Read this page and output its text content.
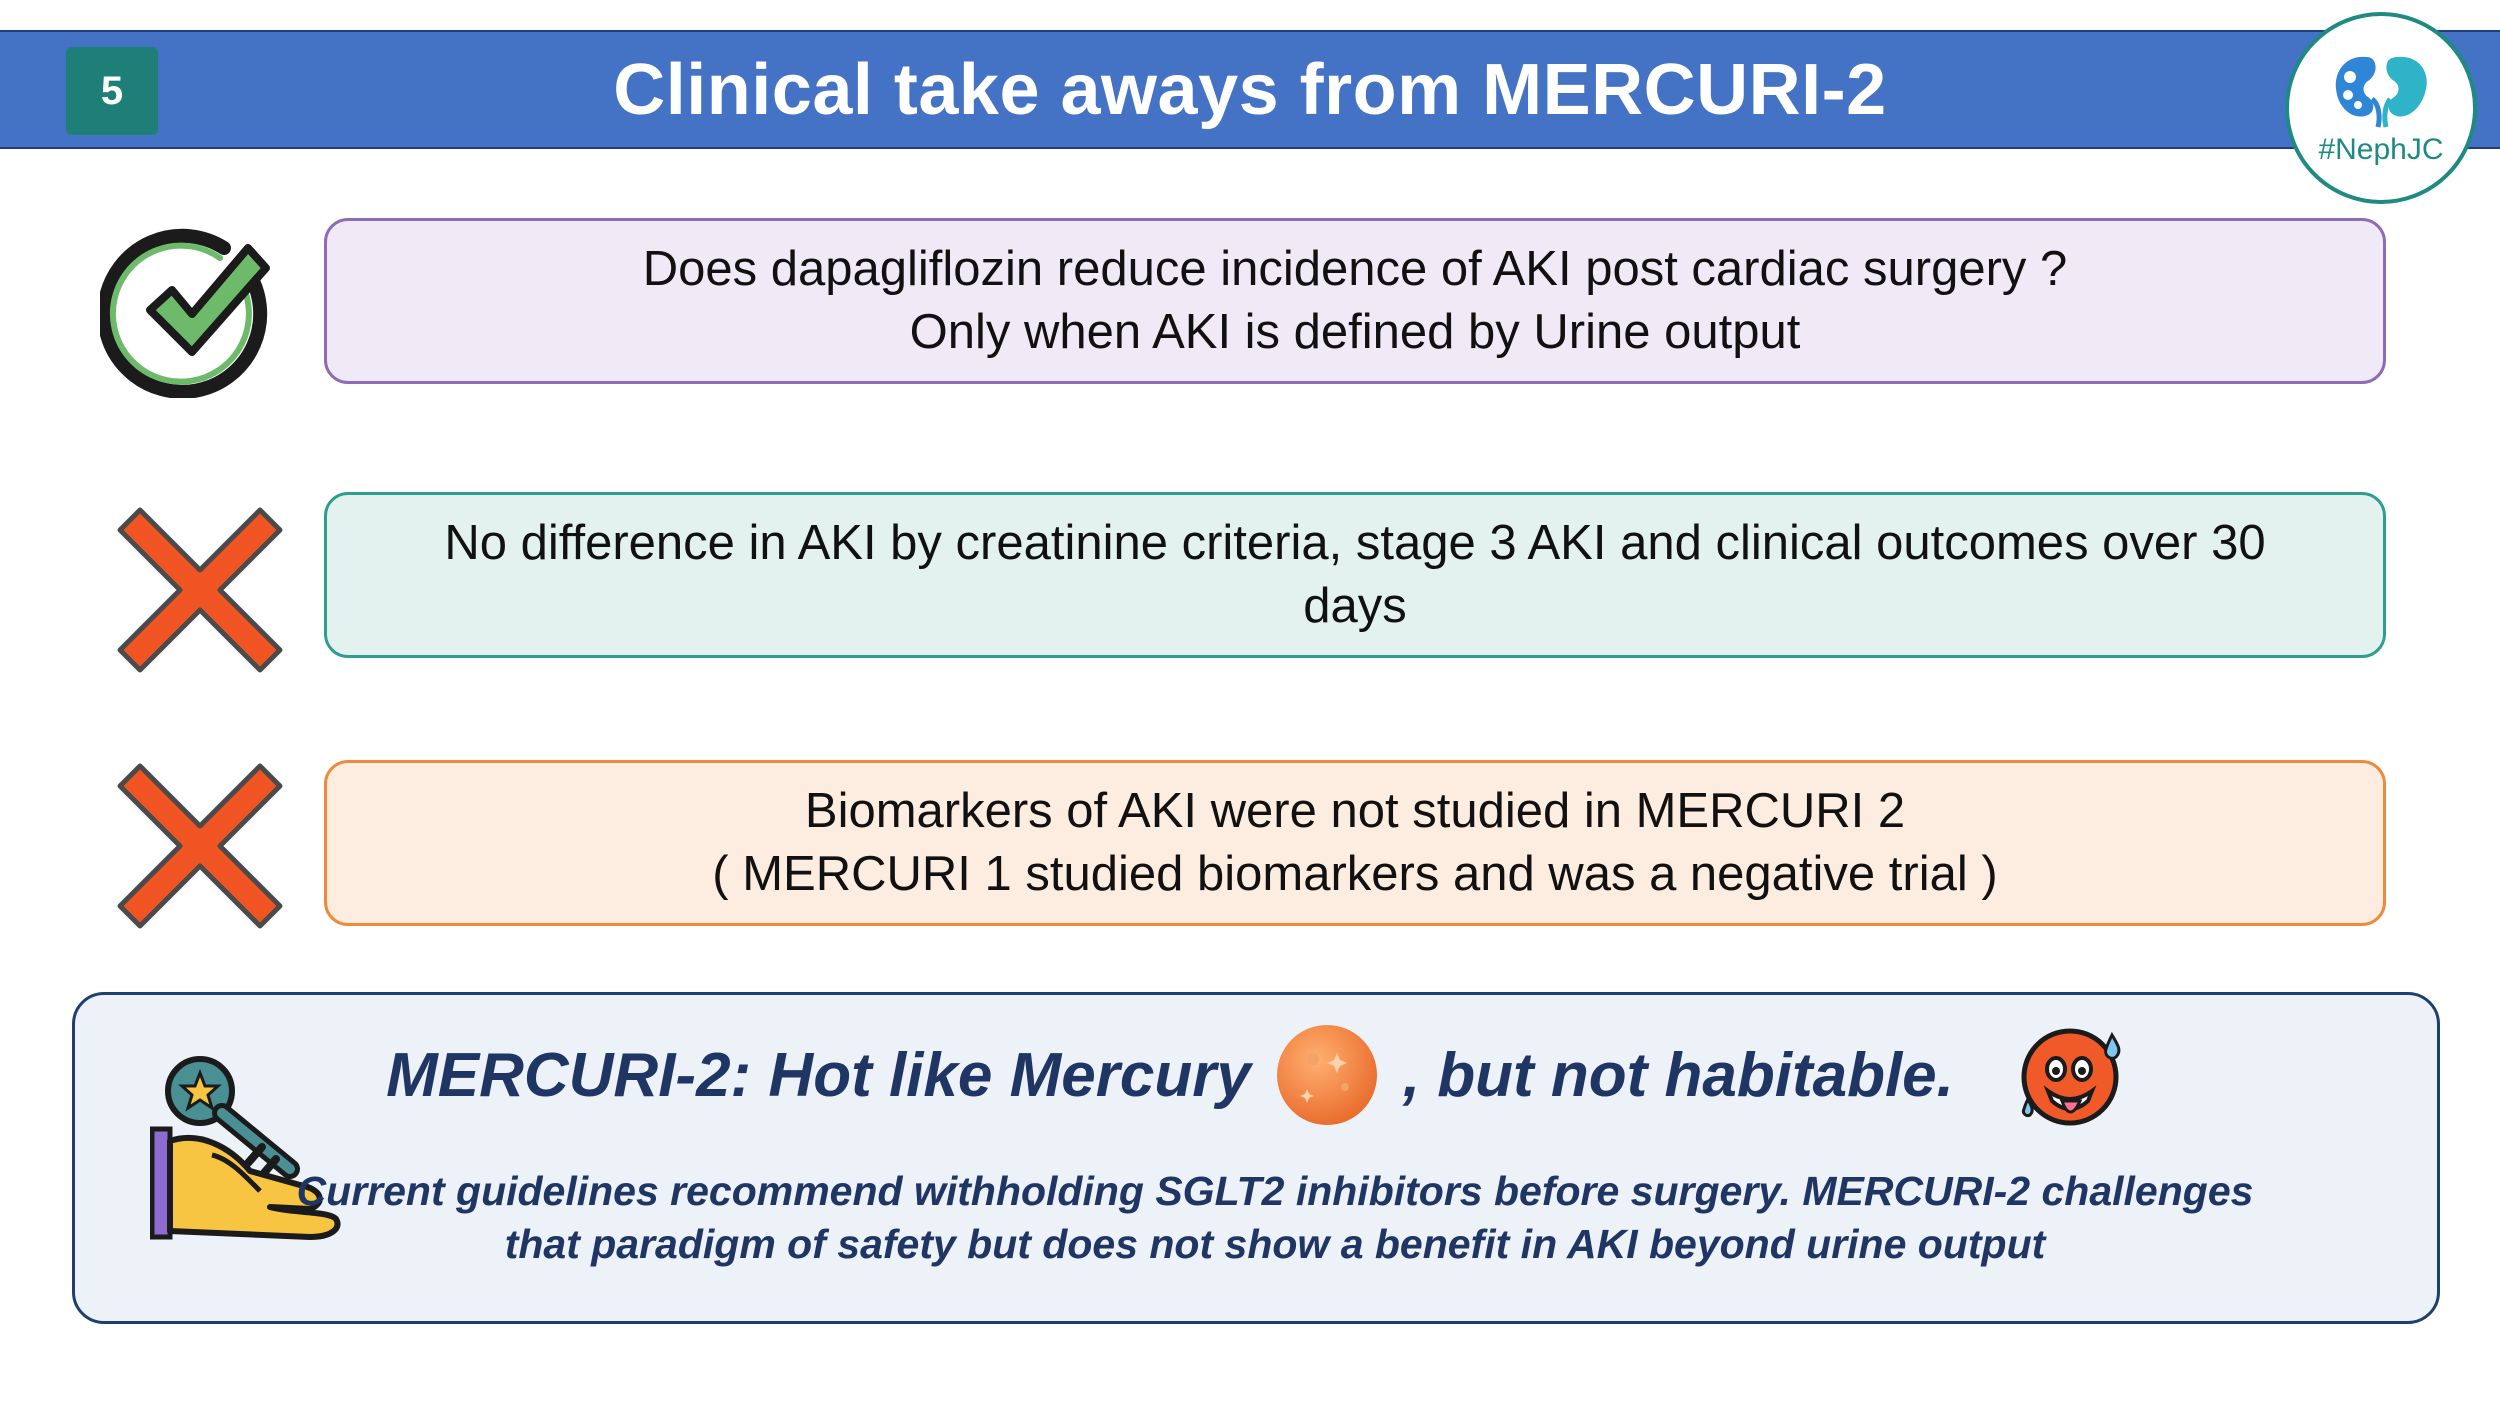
5	Clinical take aways from MERCURI-2
#NephJC
Does dapagliflozin reduce incidence of AKI post cardiac surgery ?
Only when AKI is defined by Urine output
No difference in AKI by creatinine criteria, stage 3 AKI and clinical outcomes over 30
days
Biomarkers of AKI were not studied in MERCURI 2
( MERCURI 1 studied biomarkers and was a negative trial )
MERCURI-2: Hot like Mercury , but not habitable.
Current guidelines recommend withholding SGLT2 inhibitors before surgery. MERCURI-2 challenges
that paradigm of safety but does not show a benefit in AKI beyond urine output
